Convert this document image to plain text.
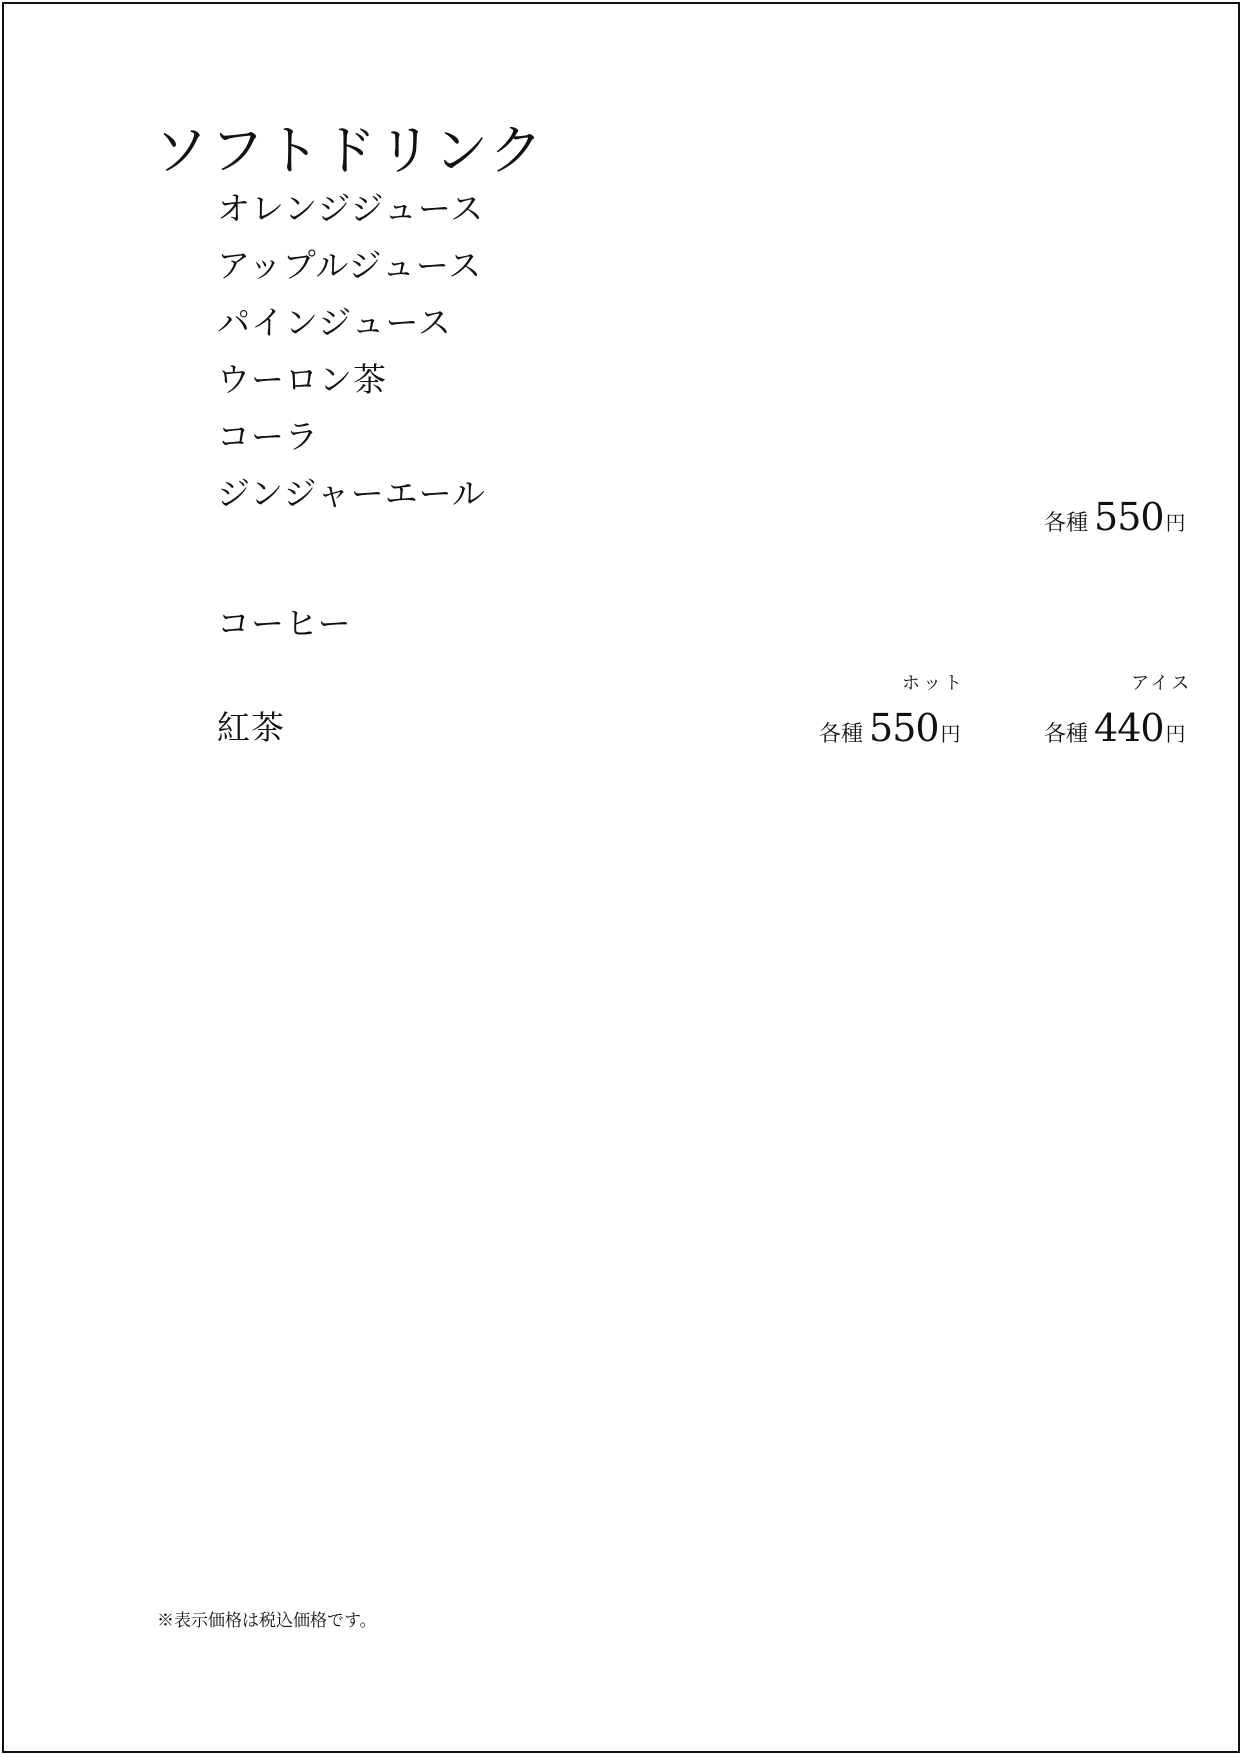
ソフトドリンク
オレンジジュース
アップルジュース
パインジュース
ウーロン茶
コーラ
ジンジャーエール
各種 550 円
コーヒー
紅茶
ホット	アイス
各種 550 円	各種 440 円
※表示価格は税込価格です。
